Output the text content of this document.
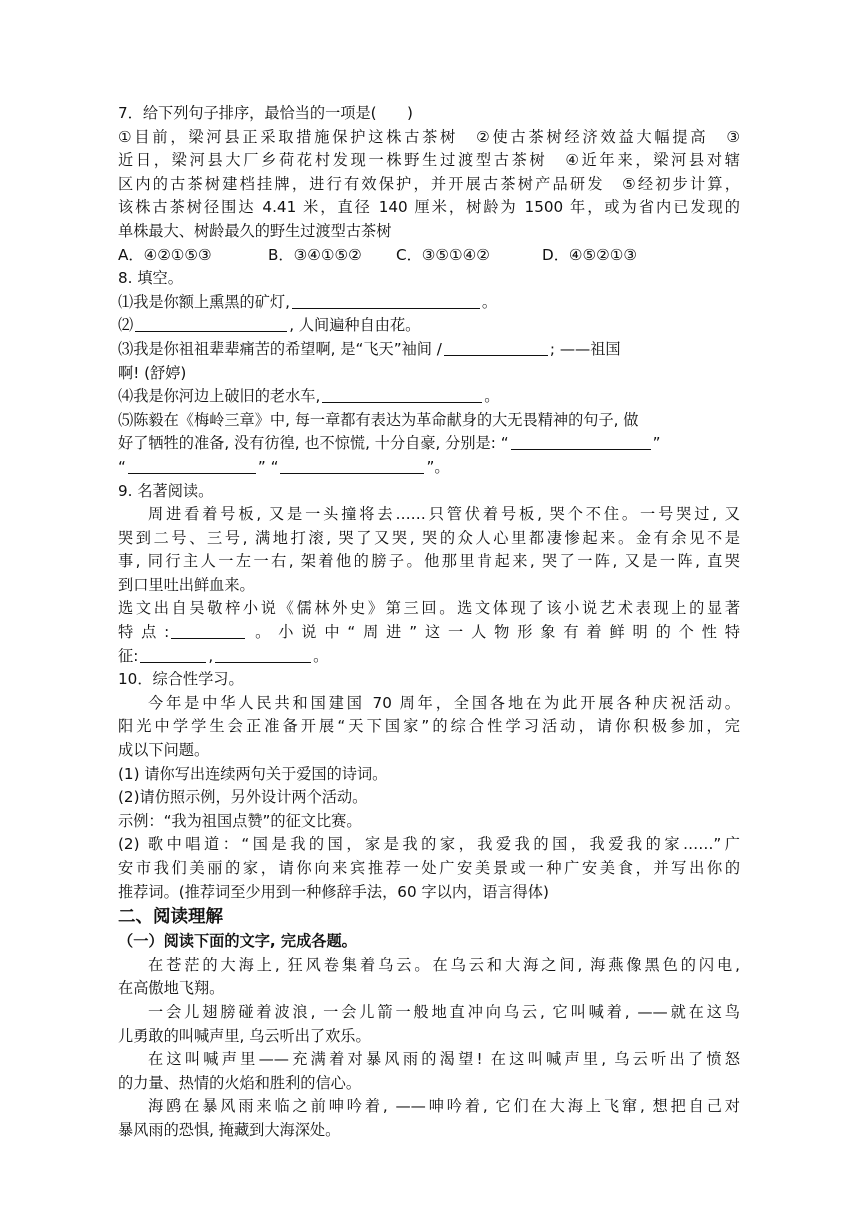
7．给下列句子排序，最恰当的一项是(　　)
①目前，梁河县正采取措施保护这株古茶树　②使古茶树经济效益大幅提高　③
近日，梁河县大厂乡荷花村发现一株野生过渡型古茶树　④近年来，梁河县对辖
区内的古茶树建档挂牌，进行有效保护，并开展古茶树产品研发　⑤经初步计算，
该株古茶树径围达 4.41 米，直径 140 厘米，树龄为 1500 年，或为省内已发现的
单株最大、树龄最久的野生过渡型古茶树
A．④②①⑤③	B．③④①⑤② C．③⑤①④②	D．④⑤②①③
8. 填空。
⑴我是你额上熏黑的矿灯,	。
⑵	, 人间遍种自由花。
⑶我是你祖祖辈辈痛苦的希望啊, 是“飞天”袖间 /	; ——祖国
啊! (舒婷)
⑷我是你河边上破旧的老水车,	。
⑸陈毅在《梅岭三章》中, 每一章都有表达为革命献身的大无畏精神的句子, 做
好了牺牲的准备, 没有彷徨, 也不惊慌, 十分自豪, 分别是: “	”
“	” “	”。
9. 名著阅读。
周进看着号板, 又是一头撞将去……只管伏着号板, 哭个不住。一号哭过, 又
哭到二号、三号, 满地打滚, 哭了又哭, 哭的众人心里都凄惨起来。金有余见不是
事, 同行主人一左一右, 架着他的膀子。他那里肯起来, 哭了一阵, 又是一阵, 直哭
到口里吐出鲜血来。
选文出自吴敬梓小说《儒林外史》第三回。选文体现了该小说艺术表现上的显著
特点:	。小说中“周进”这一人物形象有着鲜明的个性特
征:	,	。
10．综合性学习。
今年是中华人民共和国建国 70 周年，全国各地在为此开展各种庆祝活动。
阳光中学学生会正准备开展“天下国家”的综合性学习活动，请你积极参加，完
成以下问题。
(1) 请你写出连续两句关于爱国的诗词。
(2)请仿照示例，另外设计两个活动。
示例：“我为祖国点赞”的征文比赛。
(2) 歌中唱道：“国是我的国，家是我的家，我爱我的国，我爱我的家……”广
安市我们美丽的家，请你向来宾推荐一处广安美景或一种广安美食，并写出你的
推荐词。(推荐词至少用到一种修辞手法，60 字以内，语言得体)
二、阅读理解
（一）阅读下面的文字, 完成各题。
在苍茫的大海上, 狂风卷集着乌云。在乌云和大海之间, 海燕像黑色的闪电,
在高傲地飞翔。
一会儿翅膀碰着波浪, 一会儿箭一般地直冲向乌云, 它叫喊着, ——就在这鸟
儿勇敢的叫喊声里, 乌云听出了欢乐。
在这叫喊声里——充满着对暴风雨的渴望! 在这叫喊声里, 乌云听出了愤怒
的力量、热情的火焰和胜利的信心。
海鸥在暴风雨来临之前呻吟着, ——呻吟着, 它们在大海上飞窜, 想把自己对
暴风雨的恐惧, 掩藏到大海深处。
